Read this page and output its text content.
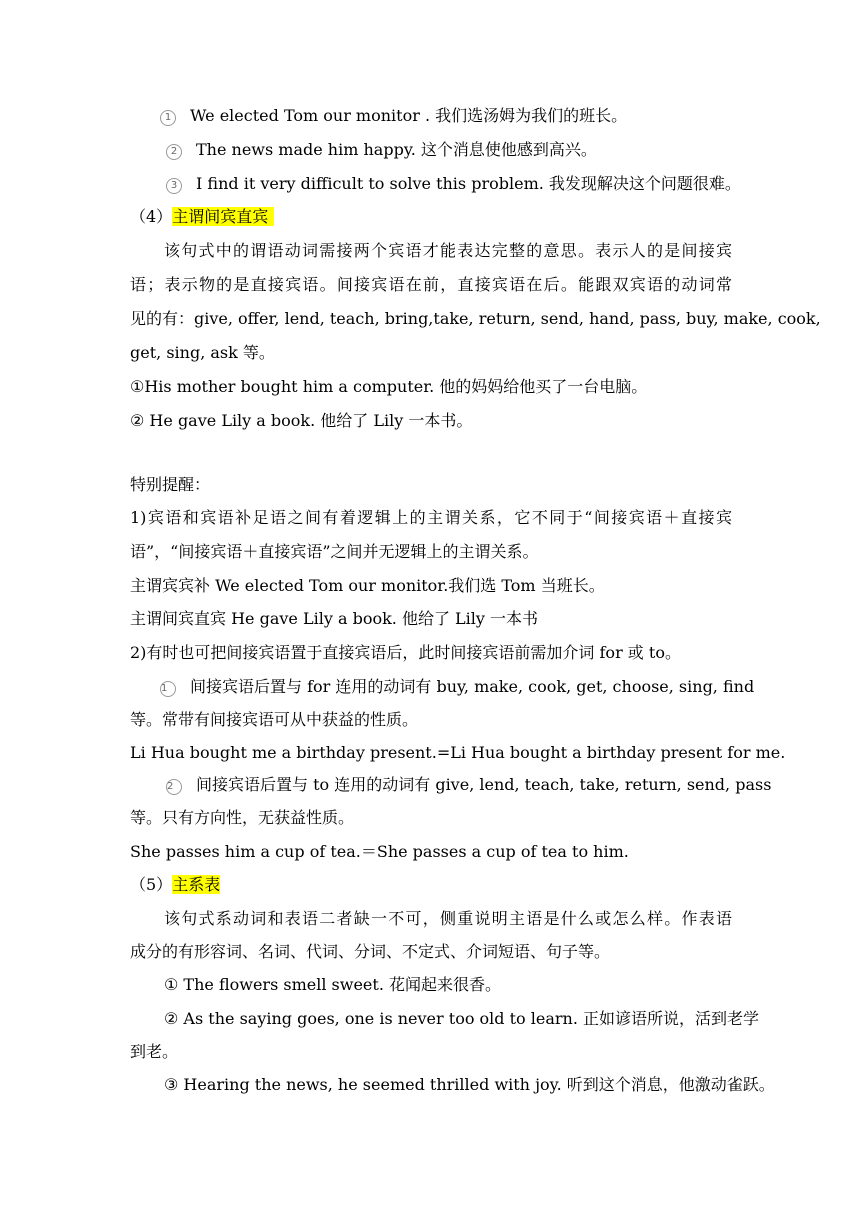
1 We elected Tom our monitor . 我们选汤姆为我们的班长。
2 The news made him happy. 这个消息使他感到高兴。
3 I find it very difficult to solve this problem. 我发现解决这个问题很难。
（4）主谓间宾直宾
该句式中的谓语动词需接两个宾语才能表达完整的意思。表示人的是间接宾
语；表示物的是直接宾语。间接宾语在前，直接宾语在后。能跟双宾语的动词常
见的有：give, offer, lend, teach, bring,take, return, send, hand, pass, buy, make, cook,
get, sing, ask 等。
①His mother bought him a computer. 他的妈妈给他买了一台电脑。
② He gave Lily a book. 他给了 Lily 一本书。
特别提醒：
1)宾语和宾语补足语之间有着逻辑上的主谓关系，它不同于“间接宾语＋直接宾
语”，“间接宾语＋直接宾语”之间并无逻辑上的主谓关系。
主谓宾宾补 We elected Tom our monitor.我们选 Tom 当班长。
主谓间宾直宾 He gave Lily a book. 他给了 Lily 一本书
2)有时也可把间接宾语置于直接宾语后，此时间接宾语前需加介词 for 或 to。
1 间接宾语后置与 for 连用的动词有 buy, make, cook, get, choose, sing, find
等。常带有间接宾语可从中获益的性质。
Li Hua bought me a birthday present.=Li Hua bought a birthday present for me.
2 间接宾语后置与 to 连用的动词有 give, lend, teach, take, return, send, pass
等。只有方向性，无获益性质。
She passes him a cup of tea.＝She passes a cup of tea to him.
（5）主系表
该句式系动词和表语二者缺一不可，侧重说明主语是什么或怎么样。作表语
成分的有形容词、名词、代词、分词、不定式、介词短语、句子等。
① The flowers smell sweet. 花闻起来很香。
② As the saying goes, one is never too old to learn. 正如谚语所说，活到老学
到老。
③ Hearing the news, he seemed thrilled with joy. 听到这个消息，他激动雀跃。
